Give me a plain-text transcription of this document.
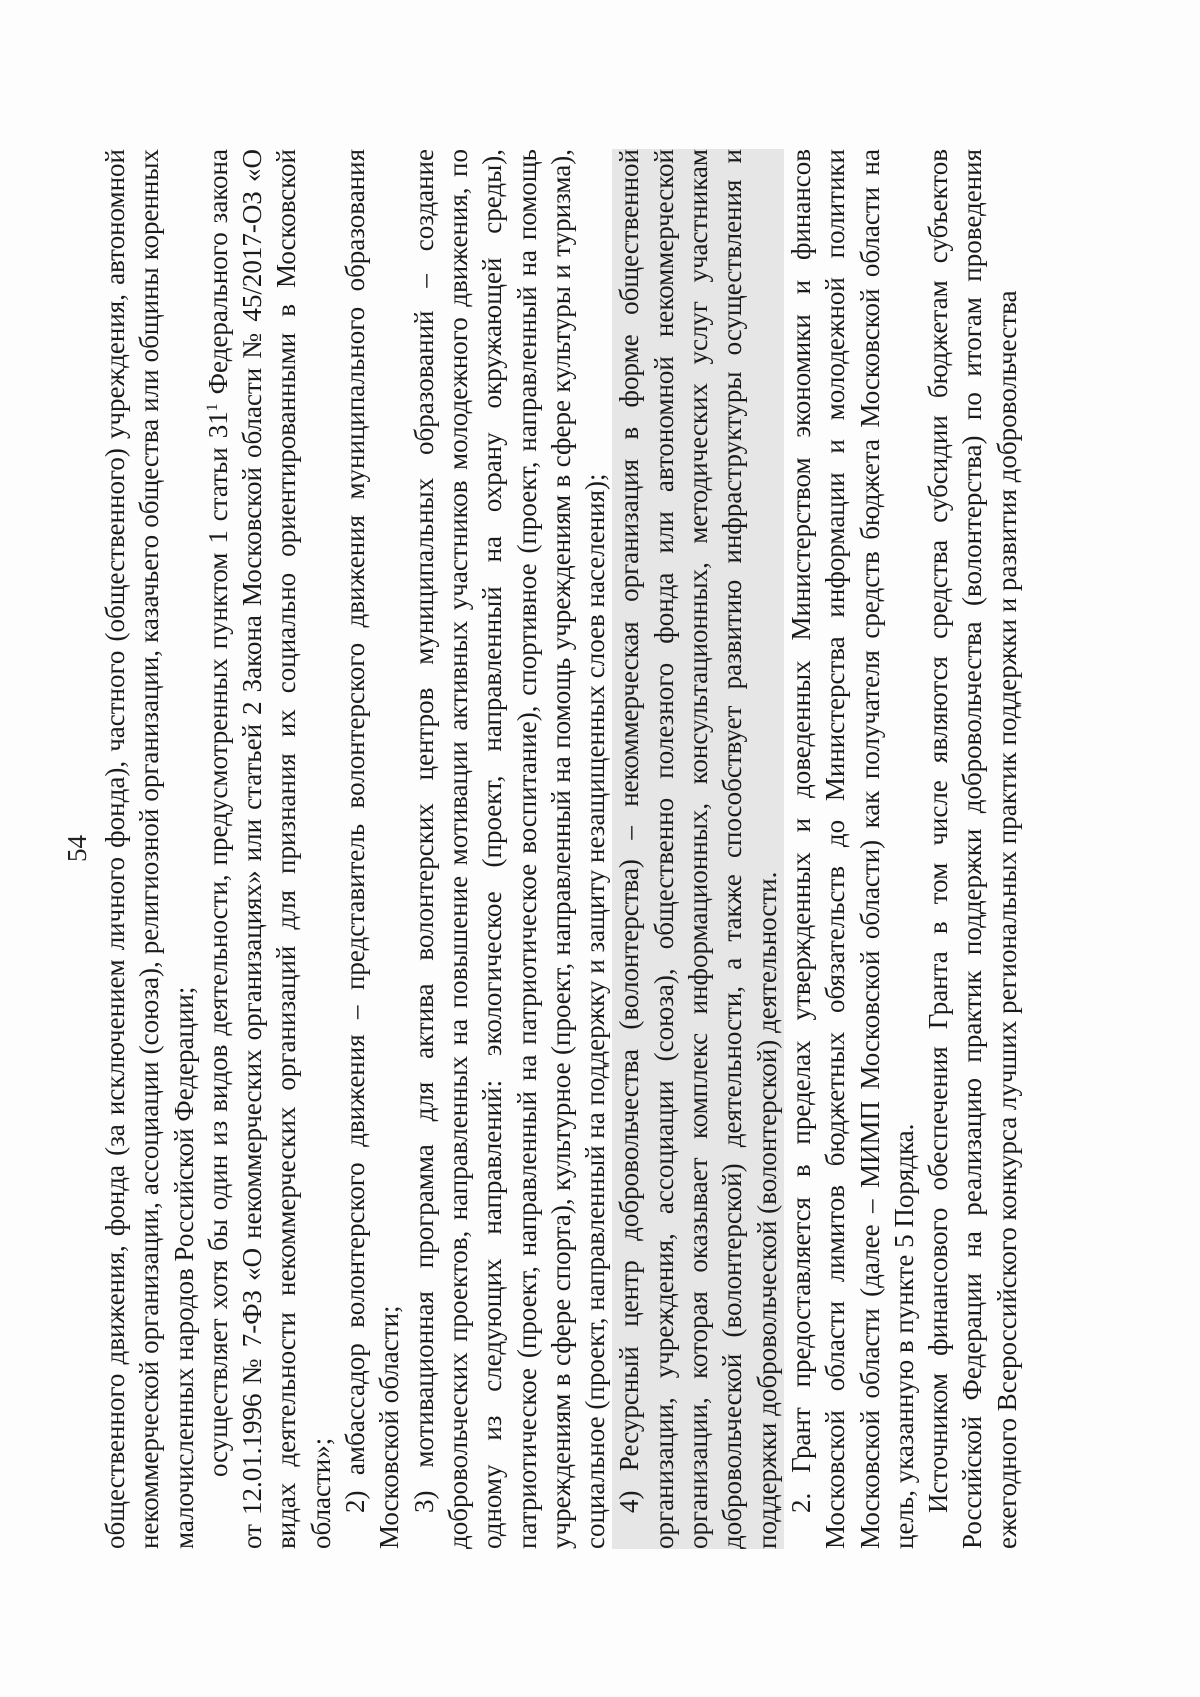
54 общественного движения, фонда (за исключением личного фонда), частного (общественного) учреждения, автономной некоммерческой организации, ассоциации (союза), религиозной организации, казачьего общества или общины коренных малочисленных народов Российской Федерации; осуществляет хотя бы один из видов деятельности, предусмотренных пунктом 1 статьи $31^1$ Федерального закона от 12.01.1996 № 7-ФЗ «О некоммерческих организациях» или статьей 2 Закона Московской области № 45/2017-ОЗ «О видах деятельности некоммерческих организаций для признания их социально ориентированными в Московской области»; 2) амбассадор волонтерского движения – представитель волонтерского движения муниципального образования Московской области; 3) мотивационная программа для актива волонтерских центров муниципальных образований – создание добровольческих проектов, направленных на повышение мотивации активных участников молодежного движения, по одному из следующих направлений: экологическое (проект, направленный на охрану окружающей среды), патриотическое (проект, направленный на патриотическое воспитание), спортивное (проект, направленный на помощь учреждениям в сфере спорта), культурное (проект, направленный на помощь учреждениям в сфере культуры и туризма), социальное (проект, направленный на поддержку и защиту незащищенных слоев населения); 4) Ресурсный центр добровольчества (волонтерства) – некоммерческая организация в форме общественной организации, учреждения, ассоциации (союза), общественно полезного фонда или автономной некоммерческой организации, которая оказывает комплекс информационных, консультационных, методических услуг участникам добровольческой (волонтерской) деятельности, а также способствует развитию инфраструктуры осуществления и поддержки добровольческой (волонтерской) деятельности. 2. Грант предоставляется в пределах утвержденных и доведенных Министерством экономики и финансов Московской области лимитов бюджетных обязательств до Министерства информации и молодежной политики Московской области (далее – МИМП Московской области) как получателя средств бюджета Московской области на цель, указанную в пункте 5 Порядка. Источником финансового обеспечения Гранта в том числе являются средства субсидии бюджетам субъектов Российской Федерации на реализацию практик поддержки добровольчества (волонтерства) по итогам проведения ежегодного Всероссийского конкурса лучших региональных практик поддержки и развития добровольчества
